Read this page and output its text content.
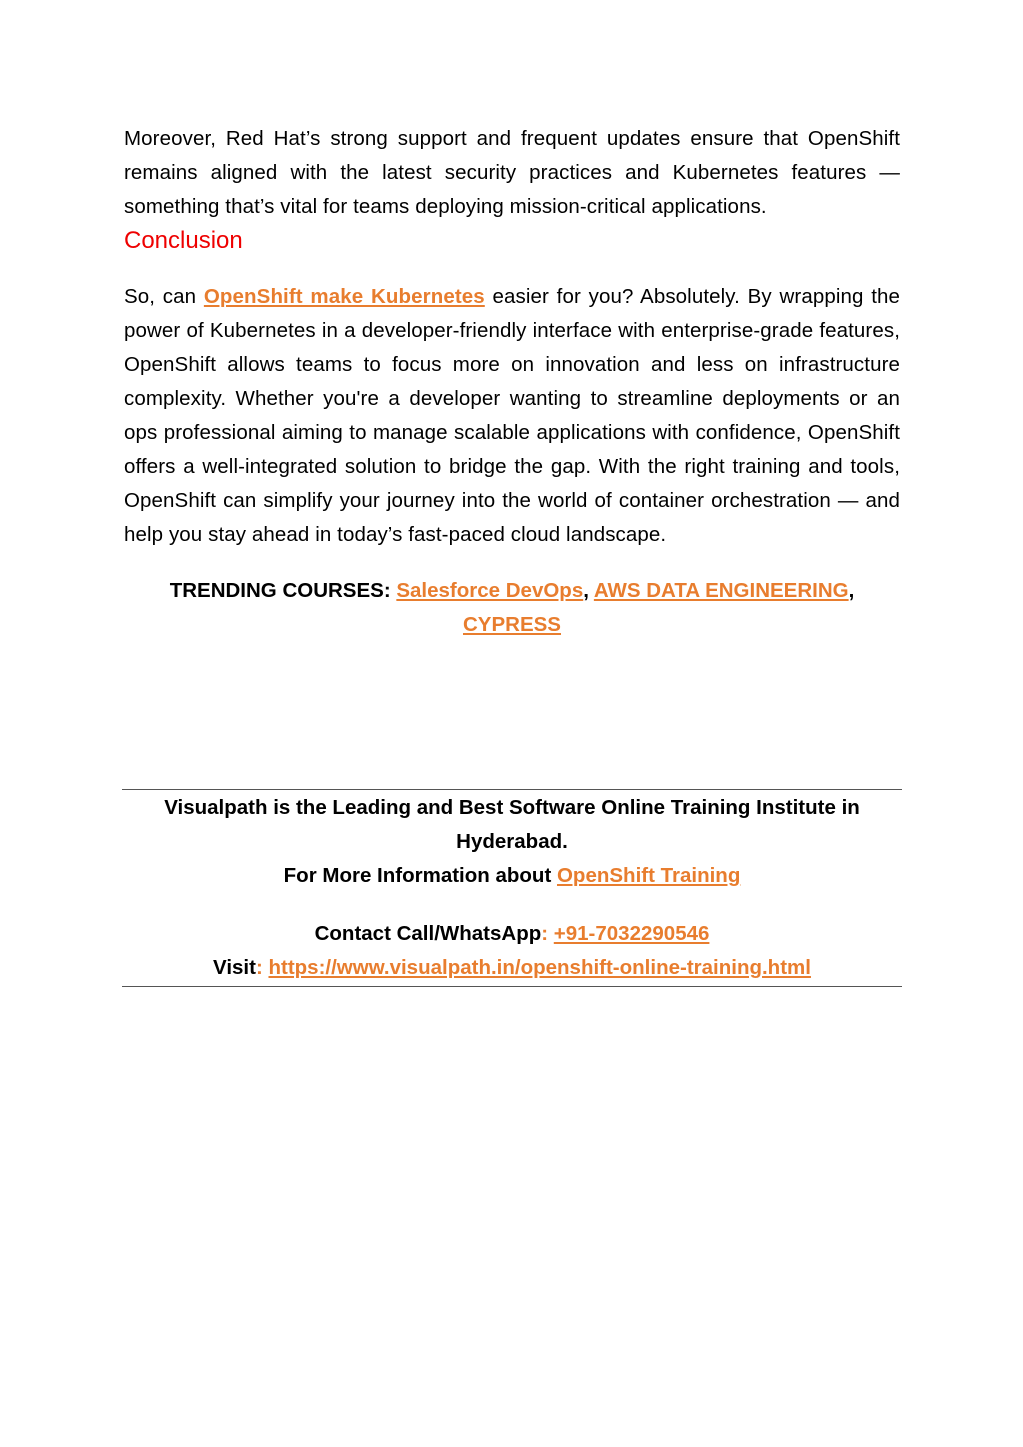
Moreover, Red Hat’s strong support and frequent updates ensure that OpenShift remains aligned with the latest security practices and Kubernetes features — something that’s vital for teams deploying mission-critical applications.

Conclusion

So, can OpenShift make Kubernetes easier for you? Absolutely. By wrapping the power of Kubernetes in a developer-friendly interface with enterprise-grade features, OpenShift allows teams to focus more on innovation and less on infrastructure complexity. Whether you're a developer wanting to streamline deployments or an ops professional aiming to manage scalable applications with confidence, OpenShift offers a well-integrated solution to bridge the gap. With the right training and tools, OpenShift can simplify your journey into the world of container orchestration — and help you stay ahead in today’s fast-paced cloud landscape.

TRENDING COURSES: Salesforce DevOps, AWS DATA ENGINEERING, CYPRESS

Visualpath is the Leading and Best Software Online Training Institute in Hyderabad.

For More Information about OpenShift Training

Contact Call/WhatsApp: +91-7032290546

Visit: https://www.visualpath.in/openshift-online-training.html
